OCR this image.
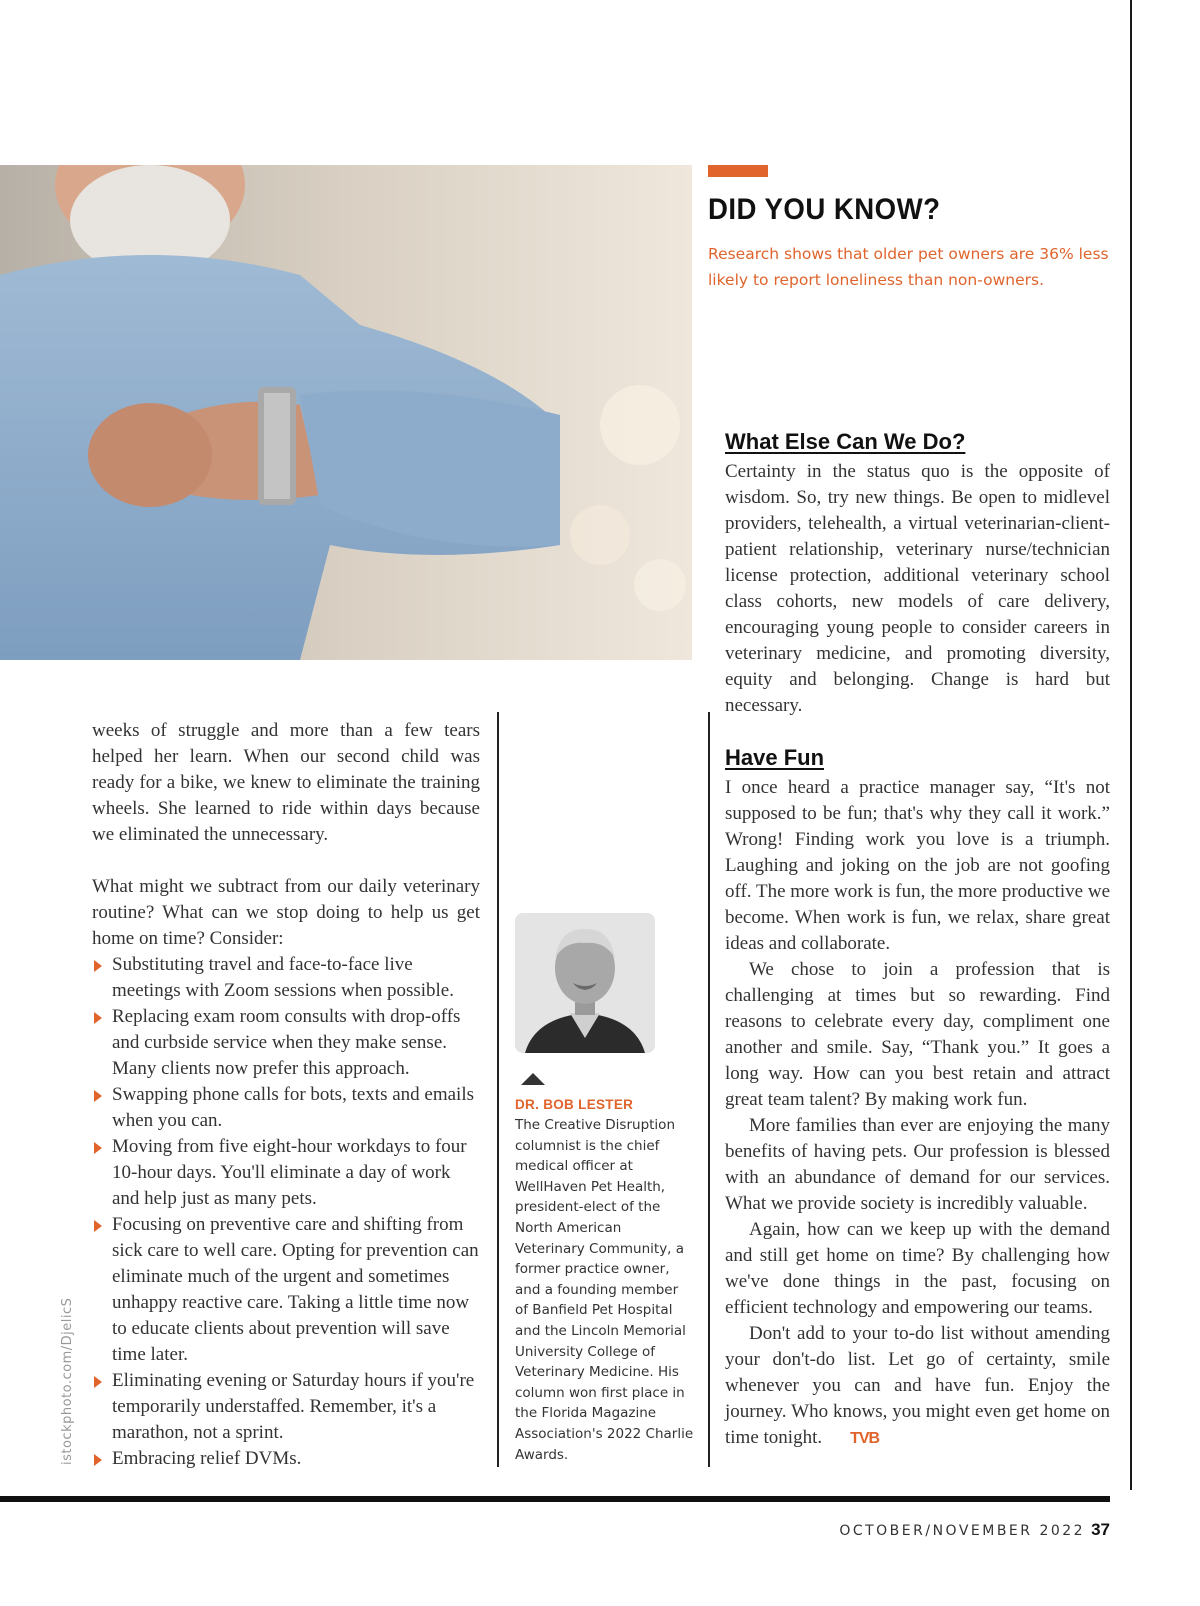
DID YOU KNOW?
Research shows that older pet owners are 36% less likely to report loneliness than non-owners.

weeks of struggle and more than a few tears helped her learn. When our second child was ready for a bike, we knew to eliminate the training wheels. She learned to ride within days because we eliminated the unnecessary.

What might we subtract from our daily veterinary routine? What can we stop doing to help us get home on time? Consider:

Substituting travel and face-to-face live meetings with Zoom sessions when possible.
Replacing exam room consults with drop-offs and curbside service when they make sense. Many clients now prefer this approach.
Swapping phone calls for bots, texts and emails when you can.
Moving from five eight-hour workdays to four 10-hour days. You'll eliminate a day of work and help just as many pets.
Focusing on preventive care and shifting from sick care to well care. Opting for prevention can eliminate much of the urgent and sometimes unhappy reactive care. Taking a little time now to educate clients about prevention will save time later.
Eliminating evening or Saturday hours if you're temporarily understaffed. Remember, it's a marathon, not a sprint.
Embracing relief DVMs.
DR. BOB LESTER
The Creative Disruption columnist is the chief medical officer at WellHaven Pet Health, president-elect of the North American Veterinary Community, a former practice owner, and a founding member of Banfield Pet Hospital and the Lincoln Memorial University College of Veterinary Medicine. His column won first place in the Florida Magazine Association's 2022 Charlie Awards.
What Else Can We Do?

Certainty in the status quo is the opposite of wisdom. So, try new things. Be open to midlevel providers, telehealth, a virtual veterinarian-client-patient relationship, veterinary nurse/technician license protection, additional veterinary school class cohorts, new models of care delivery, encouraging young people to consider careers in veterinary medicine, and promoting diversity, equity and belonging. Change is hard but necessary.

Have Fun

I once heard a practice manager say, “It's not supposed to be fun; that's why they call it work.” Wrong! Finding work you love is a triumph. Laughing and joking on the job are not goofing off. The more work is fun, the more productive we become. When work is fun, we relax, share great ideas and collaborate.

We chose to join a profession that is challenging at times but so rewarding. Find reasons to celebrate every day, compliment one another and smile. Say, “Thank you.” It goes a long way. How can you best retain and attract great team talent? By making work fun.

More families than ever are enjoying the many benefits of having pets. Our profession is blessed with an abundance of demand for our services. What we provide society is incredibly valuable.

Again, how can we keep up with the demand and still get home on time? By challenging how we've done things in the past, focusing on efficient technology and empowering our teams.

Don't add to your to-do list without amending your don't-do list. Let go of certainty, smile whenever you can and have fun. Enjoy the journey. Who knows, you might even get home on time tonight. TVB

istockphoto.com/DjelicS
OCTOBER/NOVEMBER 2022 37
